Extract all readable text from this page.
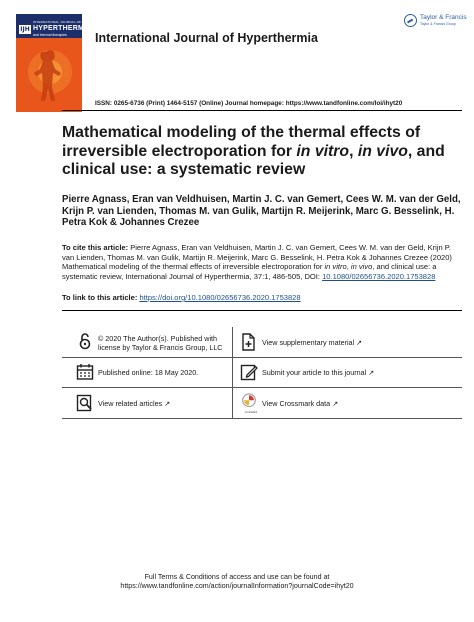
IJH
INTERNATIONAL JOURNAL OF
HYPERTHERMIA
and thermal therapies International Journal of Hyperthermia
Taylor & Francis
Taylor & Francis Group
ISSN: 0265-6736 (Print) 1464-5157 (Online) Journal homepage: https://www.tandfonline.com/loi/ihyt20
Mathematical modeling of the thermal effects of irreversible electroporation for in vitro, in vivo, and clinical use: a systematic review
Pierre Agnass, Eran van Veldhuisen, Martin J. C. van Gemert, Cees W. M. van der Geld, Krijn P. van Lienden, Thomas M. van Gulik, Martijn R. Meijerink, Marc G. Besselink, H. Petra Kok & Johannes Crezee
To cite this article: Pierre Agnass, Eran van Veldhuisen, Martin J. C. van Gemert, Cees W. M. van der Geld, Krijn P. van Lienden, Thomas M. van Gulik, Martijn R. Meijerink, Marc G. Besselink, H. Petra Kok & Johannes Crezee (2020) Mathematical modeling of the thermal effects of irreversible electroporation for in vitro, in vivo, and clinical use: a systematic review, International Journal of Hyperthermia, 37:1, 486-505, DOI: 10.1080/02656736.2020.1753828
To link to this article: https://doi.org/10.1080/02656736.2020.1753828
© 2020 The Author(s). Published with
license by Taylor & Francis Group, LLC
View supplementary material ↗
Published online: 18 May 2020.	Submit your article to this journal ↗
View related articles ↗
CrossMark
View Crossmark data ↗
Full Terms & Conditions of access and use can be found at
https://www.tandfonline.com/action/journalInformation?journalCode=ihyt20
